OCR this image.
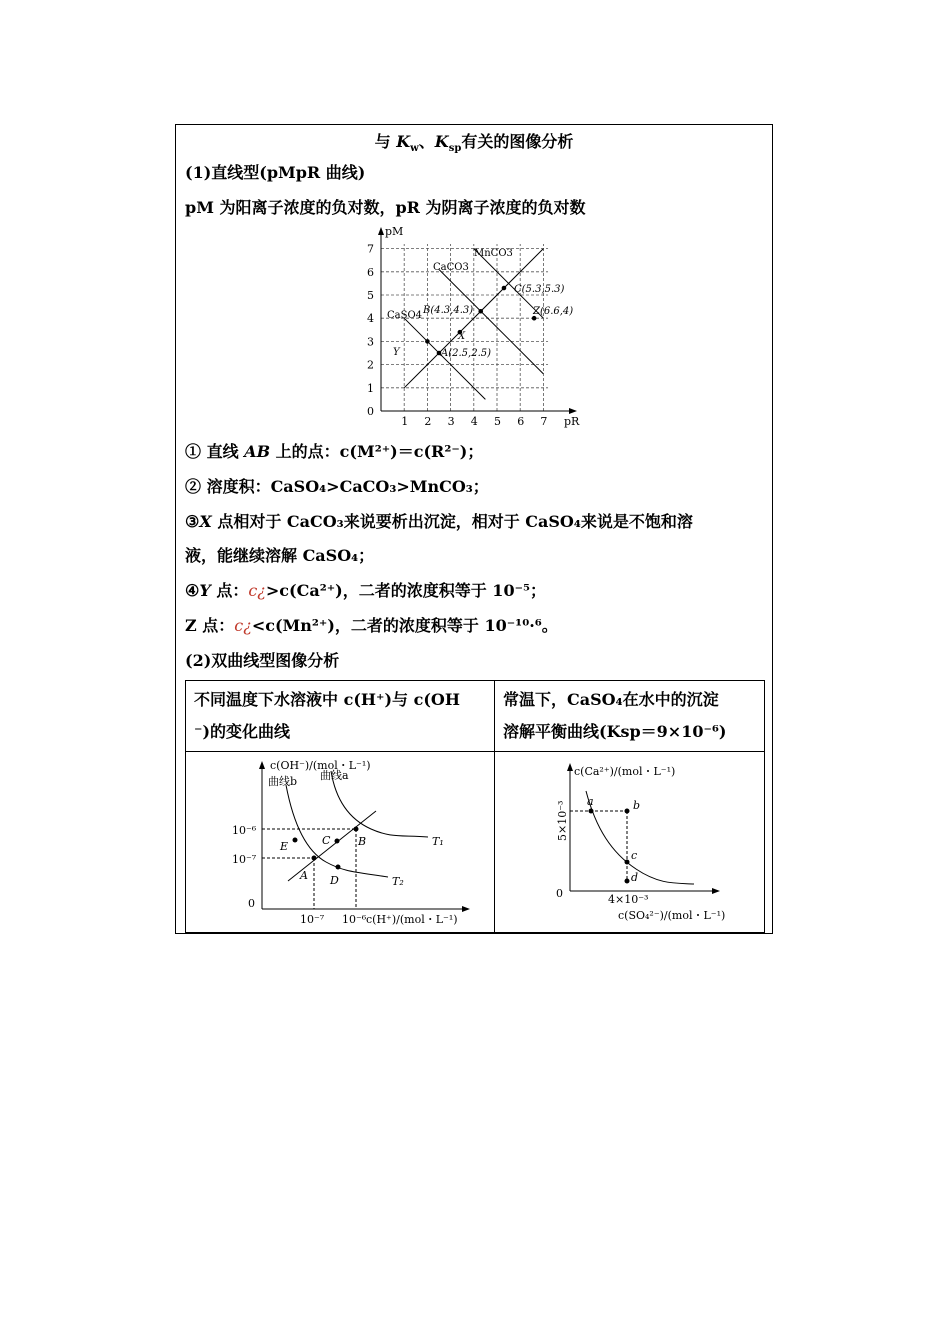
与 $K_w$、$K_{sp}$有关的图像分析
(1)直线型(pMpR 曲线)
pM 为阳离子浓度的负对数，pR 为阴离子浓度的负对数
pM
pR
1 2 3 4 5 6 7
0
1
2
3
4
5
6
7
CaCO3
MnCO3
CaSO4 B(4.3,4.3)
C(5.3,5.3)
Z(6.6,4)
X
Y	A(2.5,2.5)
① 直线 AB 上的点：c(M²⁺)＝c(R²⁻)；
② 溶度积：CaSO₄>CaCO₃>MnCO₃；
③X 点相对于 CaCO₃来说要析出沉淀，相对于 CaSO₄来说是不饱和溶
液，能继续溶解 CaSO₄；
④Y 点：c¿>c(Ca²⁺)，二者的浓度积等于 10⁻⁵；
Z 点：c¿<c(Mn²⁺)，二者的浓度积等于 10⁻¹⁰·⁶。
(2)双曲线型图像分析
不同温度下水溶液中 c(H⁺)与 c(OH
⁻)的变化曲线
常温下，CaSO₄在水中的沉淀
溶解平衡曲线(Ksp＝9×10⁻⁶)
c(OH⁻)/(mol・L⁻¹)
c(H⁺)/(mol・L⁻¹)
0
10⁻⁶
10⁻⁷
10⁻⁷ 10⁻⁶
曲线b 曲线a
T₁
T₂
E	C	B
A D
c(Ca²⁺)/(mol・L⁻¹)
c(SO₄²⁻)/(mol・L⁻¹)
0
5×10⁻³
4×10⁻³
a	b
c
d
